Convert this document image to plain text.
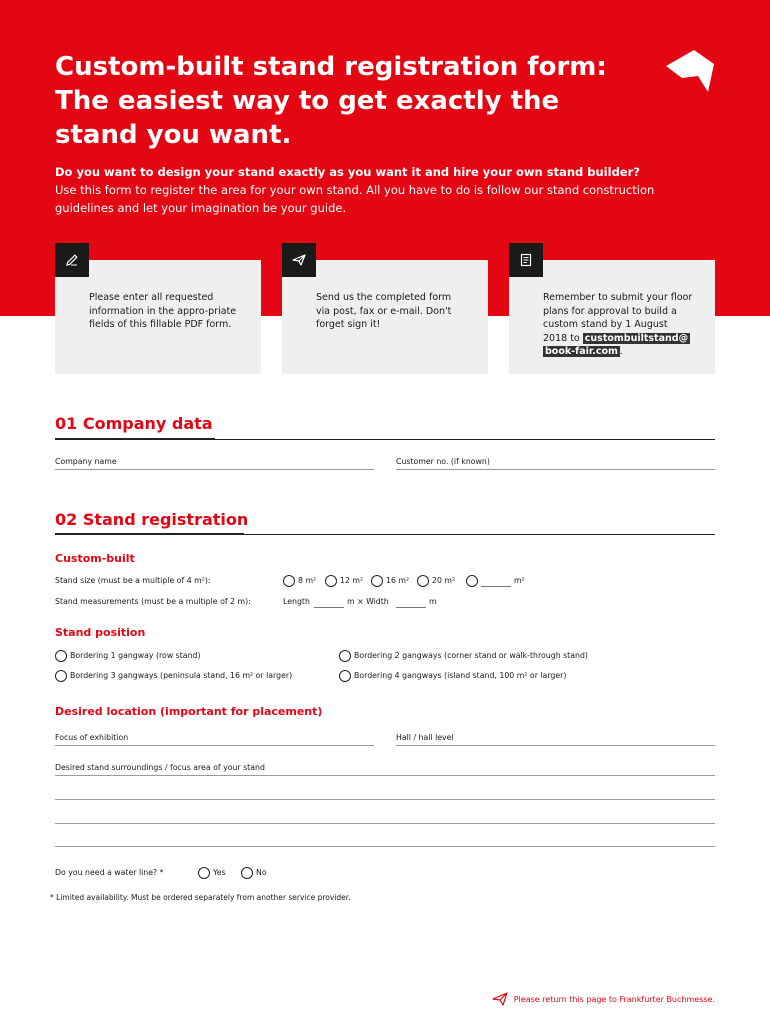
Custom-built stand registration form:
The easiest way to get exactly the
stand you want.

Do you want to design your stand exactly as you want it and hire your own stand builder?

Use this form to register the area for your own stand. All you have to do is follow our stand construction guidelines and let your imagination be your guide.

Please enter all requested information in the appro-priate fields of this fillable PDF form.

Send us the completed form via post, fax or e-mail. Don't forget sign it!

Remember to submit your floor plans for approval to build a custom stand by 1 August 2018 to custombuiltstand@
book-fair.com .

01 Company data
Company name	Customer no. (if known)
02 Stand registration

Custom-built

Stand size (must be a multiple of 4 m²):	8 m²	12 m²	16 m²	20 m²	m²
Stand measurements (must be a multiple of 2 m):	Length	m × Width	m

Stand position

Bordering 1 gangway (row stand)	Bordering 2 gangways (corner stand or walk-through stand)
Bordering 3 gangways (peninsula stand, 16 m² or larger)	Bordering 4 gangways (island stand, 100 m² or larger)

Desired location (important for placement)

Focus of exhibition	Hall / hall level
Desired stand surroundings / focus area of your stand
Do you need a water line? *	Yes	No
* Limited availability. Must be ordered separately from another service provider.
Please return this page to Frankfurter Buchmesse.
